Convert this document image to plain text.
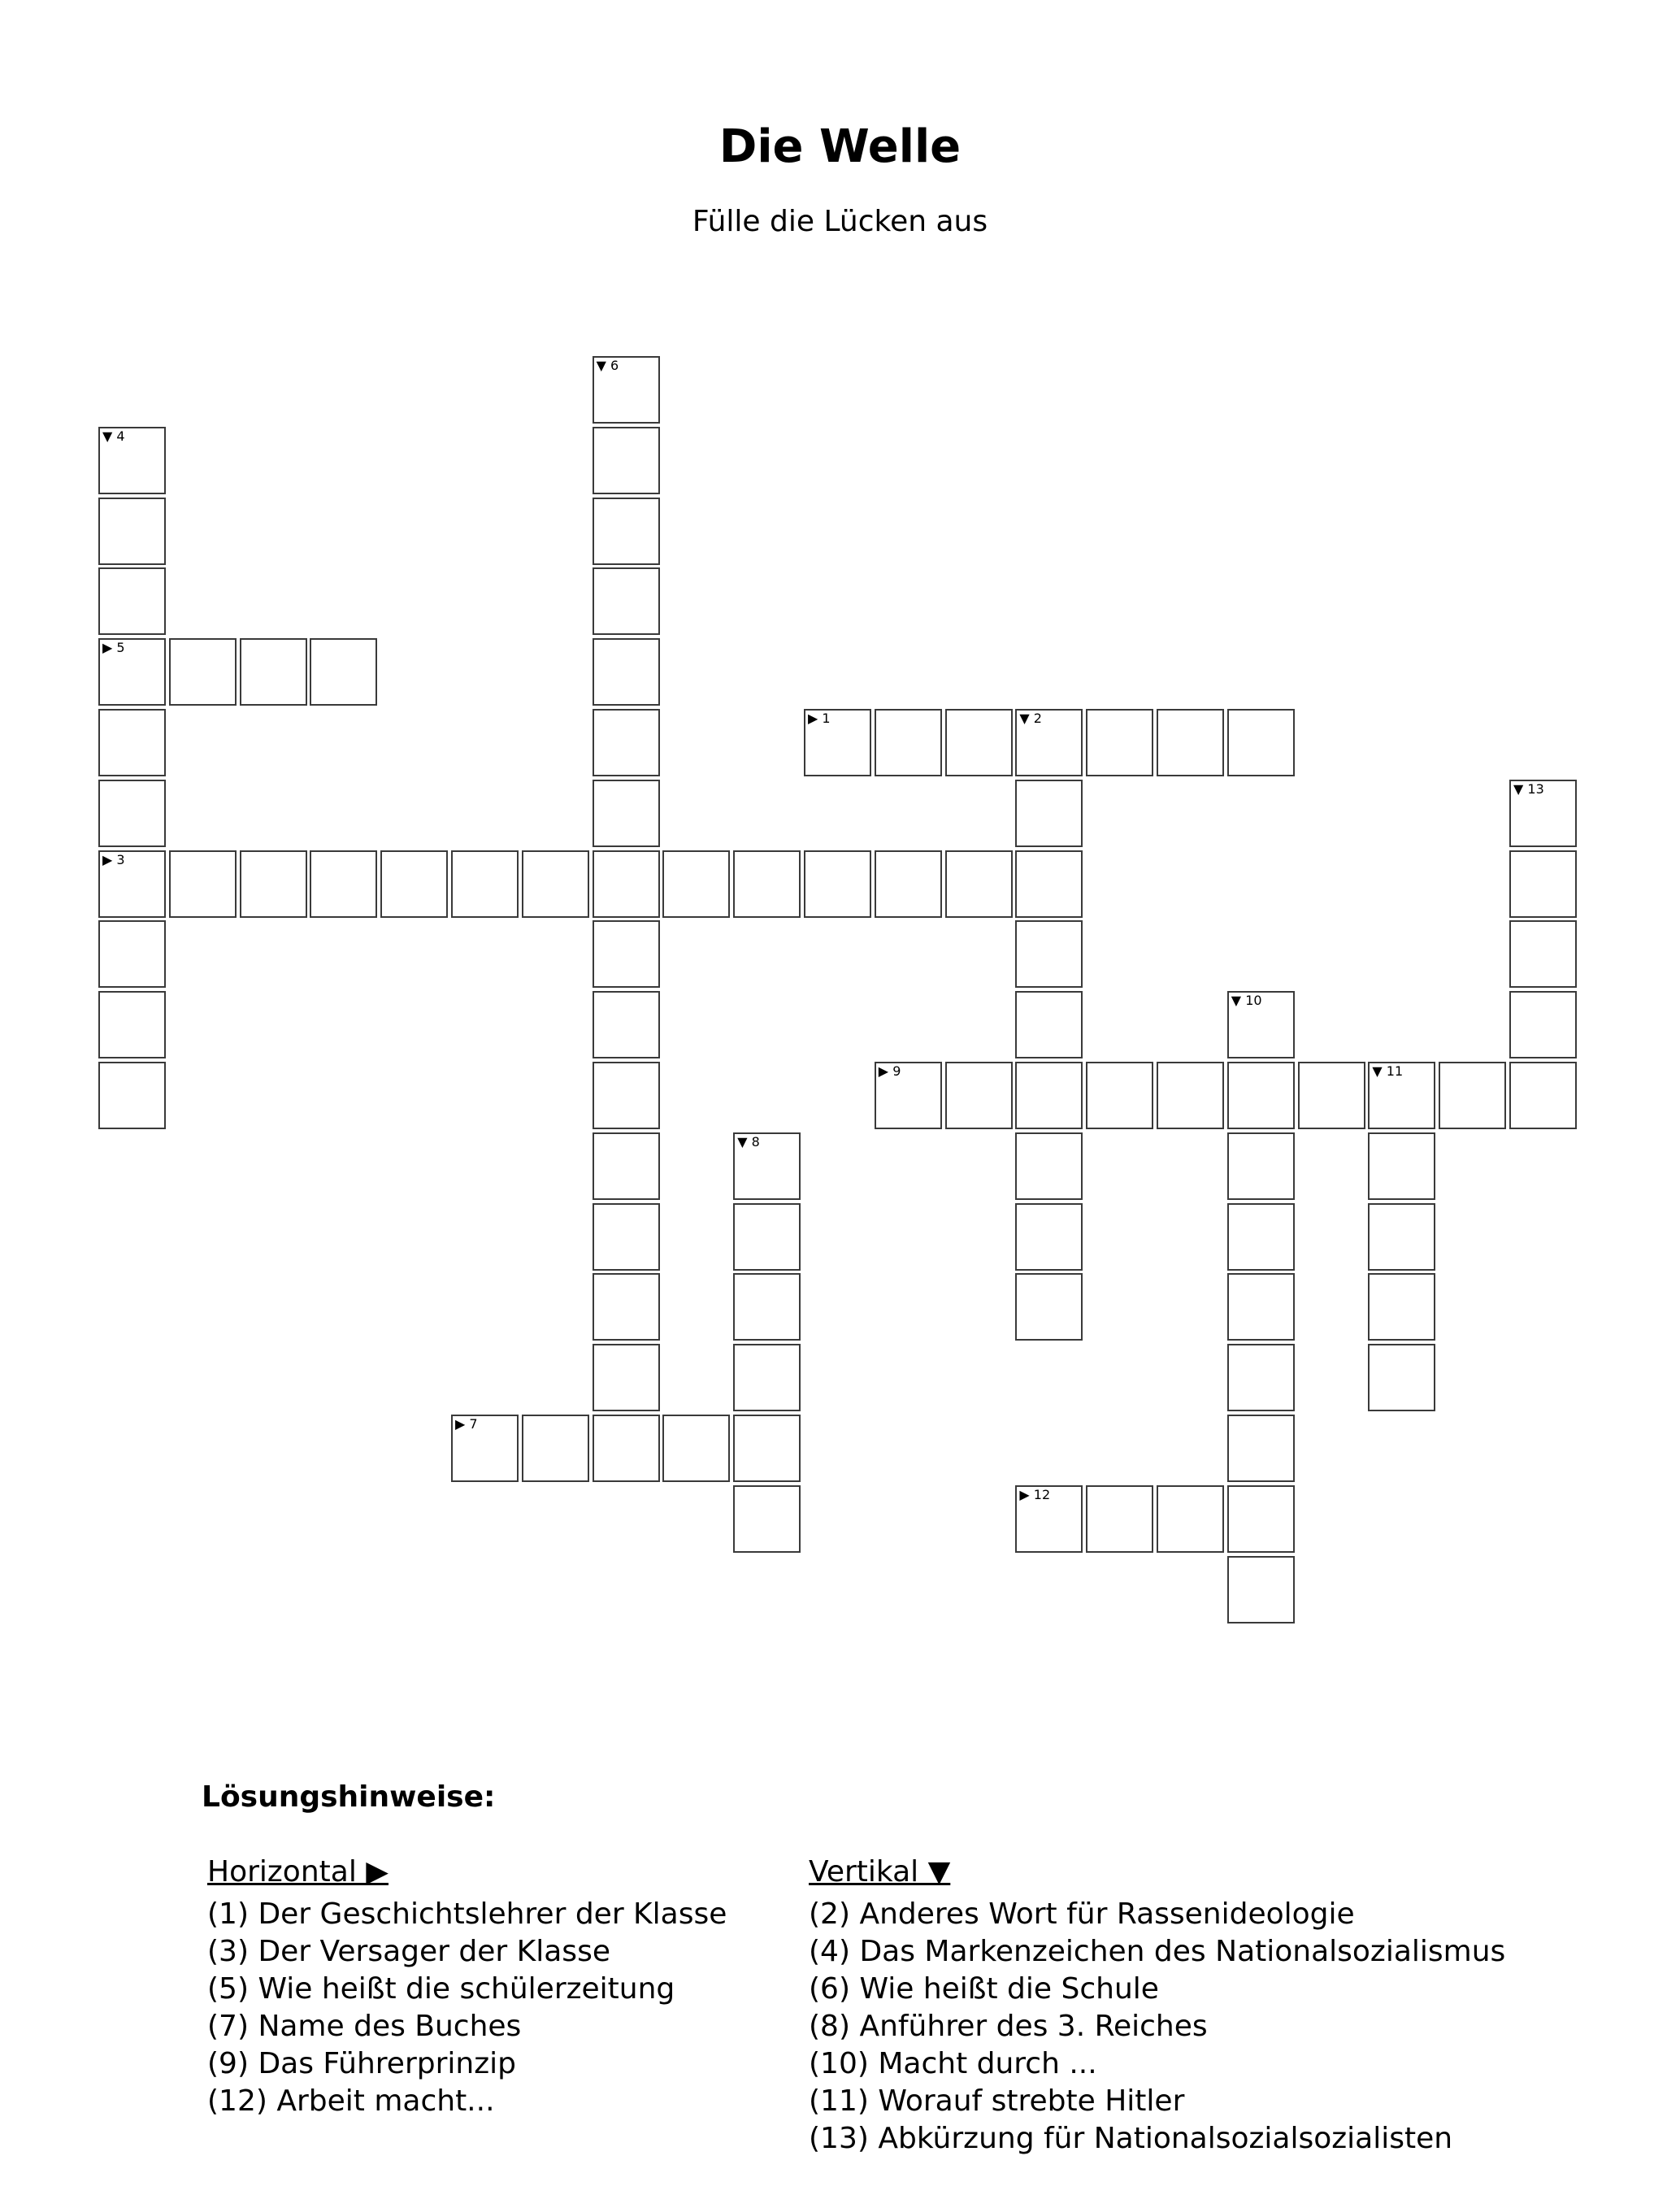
Die Welle
Fülle die Lücken aus
▼ 6
▼ 4
▶ 5
▶ 1	▼ 2
▼ 13
▶ 3
▼ 10
▶ 9	▼ 11
▼ 8
▶ 7
▶ 12
Lösungshinweise:
Horizontal ▶
(1) Der Geschichtslehrer der Klasse
(3) Der Versager der Klasse
(5) Wie heißt die schülerzeitung
(7) Name des Buches
(9) Das Führerprinzip
(12) Arbeit macht...
Vertikal ▼
(2) Anderes Wort für Rassenideologie
(4) Das Markenzeichen des Nationalsozialismus
(6) Wie heißt die Schule
(8) Anführer des 3. Reiches
(10) Macht durch ...
(11) Worauf strebte Hitler
(13) Abkürzung für Nationalsozialsozialisten
